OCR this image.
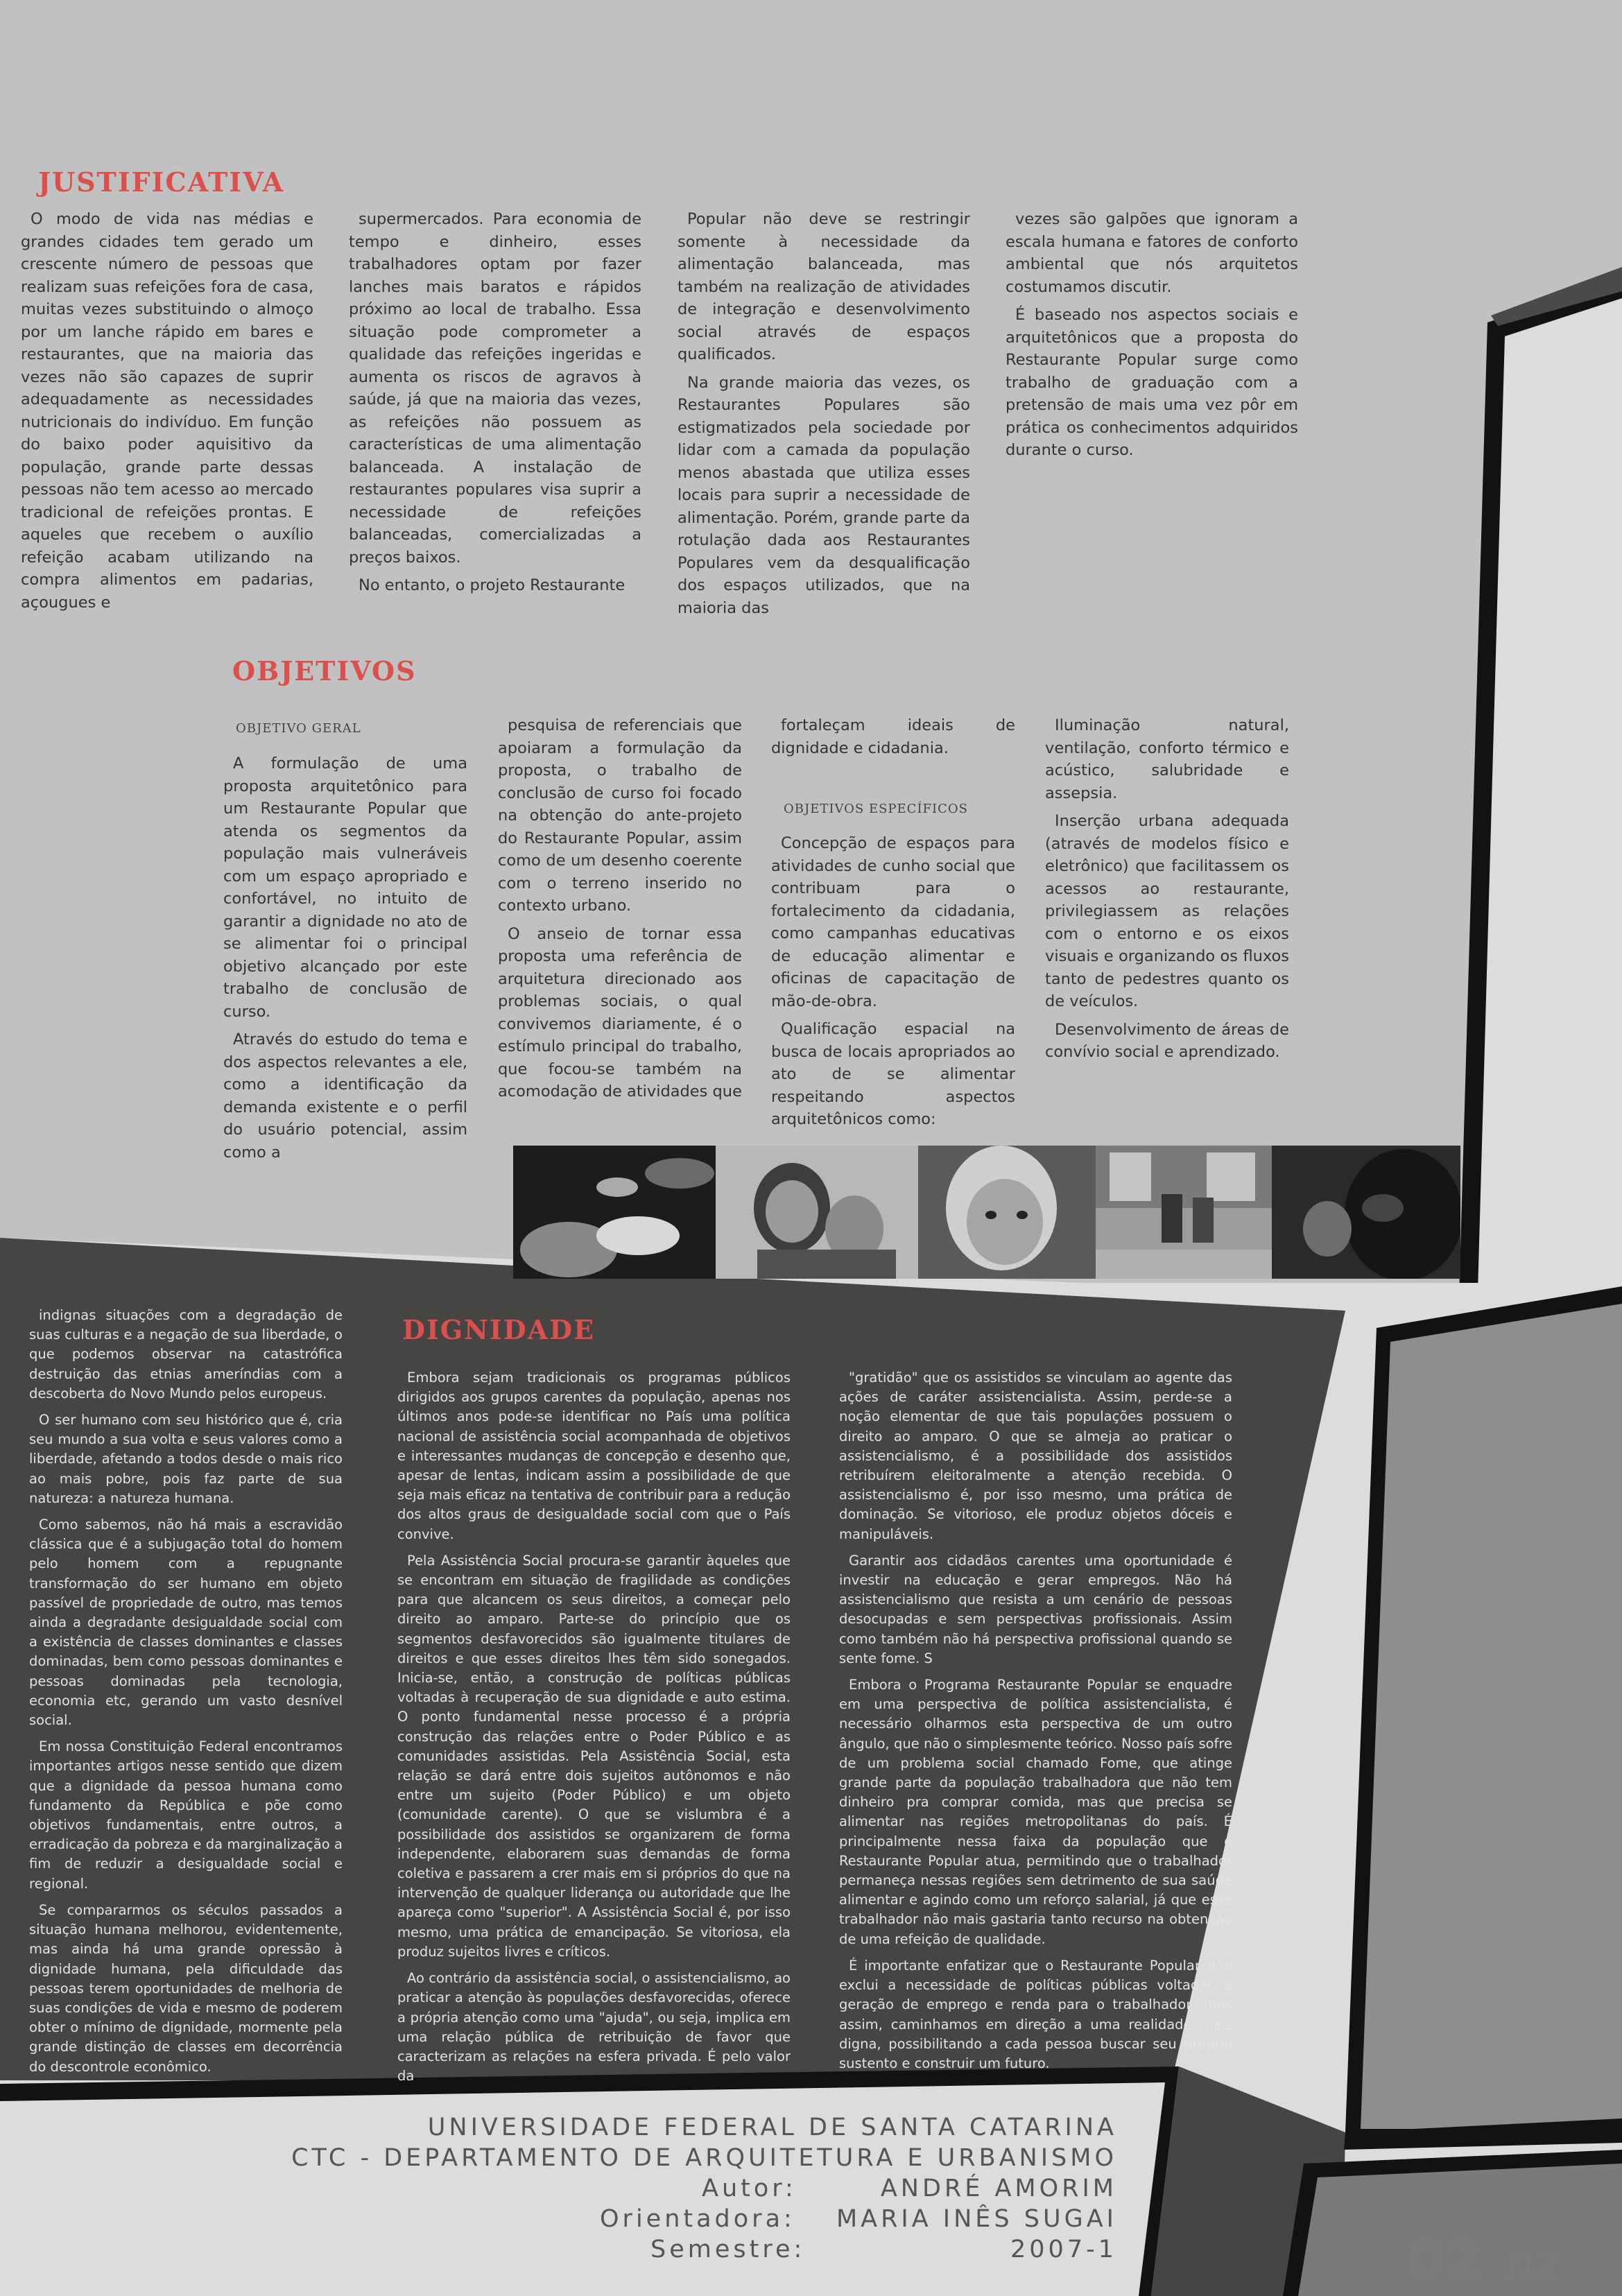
JUSTIFICATIVA

O modo de vida nas médias e grandes cidades tem gerado um crescente número de pessoas que realizam suas refeições fora de casa, muitas vezes substituindo o almoço por um lanche rápido em bares e restaurantes, que na maioria das vezes não são capazes de suprir adequadamente as necessidades nutricionais do indivíduo. Em função do baixo poder aquisitivo da população, grande parte dessas pessoas não tem acesso ao mercado tradicional de refeições prontas. E aqueles que recebem o auxílio refeição acabam utilizando na compra alimentos em padarias, açougues e

supermercados. Para economia de tempo e dinheiro, esses trabalhadores optam por fazer lanches mais baratos e rápidos próximo ao local de trabalho. Essa situação pode comprometer a qualidade das refeições ingeridas e aumenta os riscos de agravos à saúde, já que na maioria das vezes, as refeições não possuem as características de uma alimentação balanceada. A instalação de restaurantes populares visa suprir a necessidade de refeições balanceadas, comercializadas a preços baixos.

No entanto, o projeto Restaurante

Popular não deve se restringir somente à necessidade da alimentação balanceada, mas também na realização de atividades de integração e desenvolvimento social através de espaços qualificados.

Na grande maioria das vezes, os Restaurantes Populares são estigmatizados pela sociedade por lidar com a camada da população menos abastada que utiliza esses locais para suprir a necessidade de alimentação. Porém, grande parte da rotulação dada aos Restaurantes Populares vem da desqualificação dos espaços utilizados, que na maioria das

vezes são galpões que ignoram a escala humana e fatores de conforto ambiental que nós arquitetos costumamos discutir.

É baseado nos aspectos sociais e arquitetônicos que a proposta do Restaurante Popular surge como trabalho de graduação com a pretensão de mais uma vez pôr em prática os conhecimentos adquiridos durante o curso.

OBJETIVOS
OBJETIVO GERAL

A formulação de uma proposta arquitetônico para um Restaurante Popular que atenda os segmentos da população mais vulneráveis com um espaço apropriado e confortável, no intuito de garantir a dignidade no ato de se alimentar foi o principal objetivo alcançado por este trabalho de conclusão de curso.

Através do estudo do tema e dos aspectos relevantes a ele, como a identificação da demanda existente e o perfil do usuário potencial, assim como a

pesquisa de referenciais que apoiaram a formulação da proposta, o trabalho de conclusão de curso foi focado na obtenção do ante-projeto do Restaurante Popular, assim como de um desenho coerente com o terreno inserido no contexto urbano.

O anseio de tornar essa proposta uma referência de arquitetura direcionado aos problemas sociais, o qual convivemos diariamente, é o estímulo principal do trabalho, que focou-se também na acomodação de atividades que

fortaleçam ideais de dignidade e cidadania.

OBJETIVOS ESPECÍFICOS

Concepção de espaços para atividades de cunho social que contribuam para o fortalecimento da cidadania, como campanhas educativas de educação alimentar e oficinas de capacitação de mão-de-obra.

Qualificação espacial na busca de locais apropriados ao ato de se alimentar respeitando aspectos arquitetônicos como:

Iluminação natural, ventilação, conforto térmico e acústico, salubridade e assepsia.

Inserção urbana adequada (através de modelos físico e eletrônico) que facilitassem os acessos ao restaurante, privilegiassem as relações com o entorno e os eixos visuais e organizando os fluxos tanto de pedestres quanto os de veículos.

Desenvolvimento de áreas de convívio social e aprendizado.

DIGNIDADE

indignas situações com a degradação de suas culturas e a negação de sua liberdade, o que podemos observar na catastrófica destruição das etnias ameríndias com a descoberta do Novo Mundo pelos europeus.

O ser humano com seu histórico que é, cria seu mundo a sua volta e seus valores como a liberdade, afetando a todos desde o mais rico ao mais pobre, pois faz parte de sua natureza: a natureza humana.

Como sabemos, não há mais a escravidão clássica que é a subjugação total do homem pelo homem com a repugnante transformação do ser humano em objeto passível de propriedade de outro, mas temos ainda a degradante desigualdade social com a existência de classes dominantes e classes dominadas, bem como pessoas dominantes e pessoas dominadas pela tecnologia, economia etc, gerando um vasto desnível social.

Em nossa Constituição Federal encontramos importantes artigos nesse sentido que dizem que a dignidade da pessoa humana como fundamento da República e põe como objetivos fundamentais, entre outros, a erradicação da pobreza e da marginalização a fim de reduzir a desigualdade social e regional.

Se compararmos os séculos passados a situação humana melhorou, evidentemente, mas ainda há uma grande opressão à dignidade humana, pela dificuldade das pessoas terem oportunidades de melhoria de suas condições de vida e mesmo de poderem obter o mínimo de dignidade, mormente pela grande distinção de classes em decorrência do descontrole econômico.

Embora sejam tradicionais os programas públicos dirigidos aos grupos carentes da população, apenas nos últimos anos pode-se identificar no País uma política nacional de assistência social acompanhada de objetivos e interessantes mudanças de concepção e desenho que, apesar de lentas, indicam assim a possibilidade de que seja mais eficaz na tentativa de contribuir para a redução dos altos graus de desigualdade social com que o País convive.

Pela Assistência Social procura-se garantir àqueles que se encontram em situação de fragilidade as condições para que alcancem os seus direitos, a começar pelo direito ao amparo. Parte-se do princípio que os segmentos desfavorecidos são igualmente titulares de direitos e que esses direitos lhes têm sido sonegados. Inicia-se, então, a construção de políticas públicas voltadas à recuperação de sua dignidade e auto estima. O ponto fundamental nesse processo é a própria construção das relações entre o Poder Público e as comunidades assistidas. Pela Assistência Social, esta relação se dará entre dois sujeitos autônomos e não entre um sujeito (Poder Público) e um objeto (comunidade carente). O que se vislumbra é a possibilidade dos assistidos se organizarem de forma independente, elaborarem suas demandas de forma coletiva e passarem a crer mais em si próprios do que na intervenção de qualquer liderança ou autoridade que lhe apareça como "superior". A Assistência Social é, por isso mesmo, uma prática de emancipação. Se vitoriosa, ela produz sujeitos livres e críticos.

Ao contrário da assistência social, o assistencialismo, ao praticar a atenção às populações desfavorecidas, oferece a própria atenção como uma "ajuda", ou seja, implica em uma relação pública de retribuição de favor que caracterizam as relações na esfera privada. É pelo valor da

"gratidão" que os assistidos se vinculam ao agente das ações de caráter assistencialista. Assim, perde-se a noção elementar de que tais populações possuem o direito ao amparo. O que se almeja ao praticar o assistencialismo, é a possibilidade dos assistidos retribuírem eleitoralmente a atenção recebida. O assistencialismo é, por isso mesmo, uma prática de dominação. Se vitorioso, ele produz objetos dóceis e manipuláveis.

Garantir aos cidadãos carentes uma oportunidade é investir na educação e gerar empregos. Não há assistencialismo que resista a um cenário de pessoas desocupadas e sem perspectivas profissionais. Assim como também não há perspectiva profissional quando se sente fome. S

Embora o Programa Restaurante Popular se enquadre em uma perspectiva de política assistencialista, é necessário olharmos esta perspectiva de um outro ângulo, que não o simplesmente teórico. Nosso país sofre de um problema social chamado Fome, que atinge grande parte da população trabalhadora que não tem dinheiro pra comprar comida, mas que precisa se alimentar nas regiões metropolitanas do país. É principalmente nessa faixa da população que o Restaurante Popular atua, permitindo que o trabalhador permaneça nessas regiões sem detrimento de sua saúde alimentar e agindo como um reforço salarial, já que esse trabalhador não mais gastaria tanto recurso na obtenção de uma refeição de qualidade.

É importante enfatizar que o Restaurante Popular não exclui a necessidade de políticas públicas voltadas a geração de emprego e renda para o trabalhador, mas assim, caminhamos em direção a uma realidade mais digna, possibilitando a cada pessoa buscar seu próprio sustento e construir um futuro.

UNIVERSIDADE FEDERAL DE SANTA CATARINA
CTC - DEPARTAMENTO DE ARQUITETURA E URBANISMO
Autor:	ANDRÉ AMORIM
Orientadora: MARIA INÊS SUGAI
Semestre:	2007-1	02 /12
